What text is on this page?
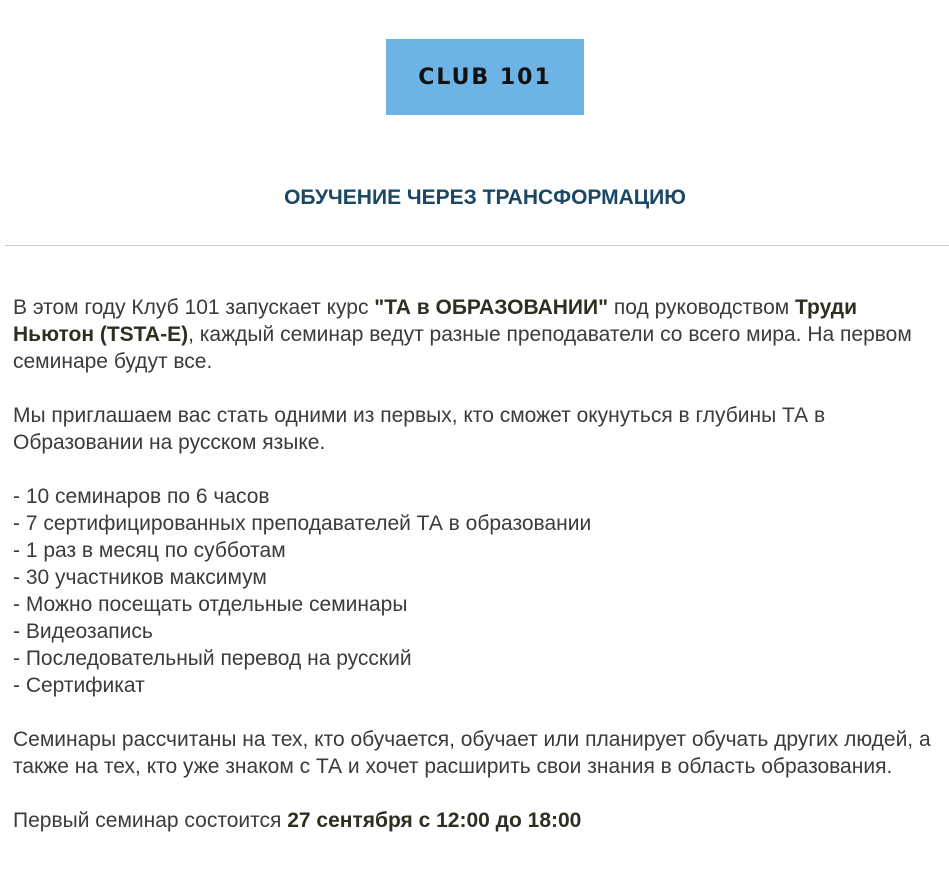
CLUB 101
ОБУЧЕНИЕ ЧЕРЕЗ ТРАНСФОРМАЦИЮ

В этом году Клуб 101 запускает курс "ТА в ОБРАЗОВАНИИ" под руководством Труди Ньютон (TSTA-E), каждый семинар ведут разные преподаватели со всего мира. На первом семинаре будут все.

Мы приглашаем вас стать одними из первых, кто сможет окунуться в глубины ТА в Образовании на русском языке.

- 10 семинаров по 6 часов
- 7 сертифицированных преподавателей ТА в образовании
- 1 раз в месяц по субботам
- 30 участников максимум
- Можно посещать отдельные семинары
- Видеозапись
- Последовательный перевод на русский
- Сертификат

Семинары рассчитаны на тех, кто обучается, обучает или планирует обучать других людей, а также на тех, кто уже знаком с ТА и хочет расширить свои знания в область образования.

Первый семинар состоится 27 сентября с 12:00 до 18:00
